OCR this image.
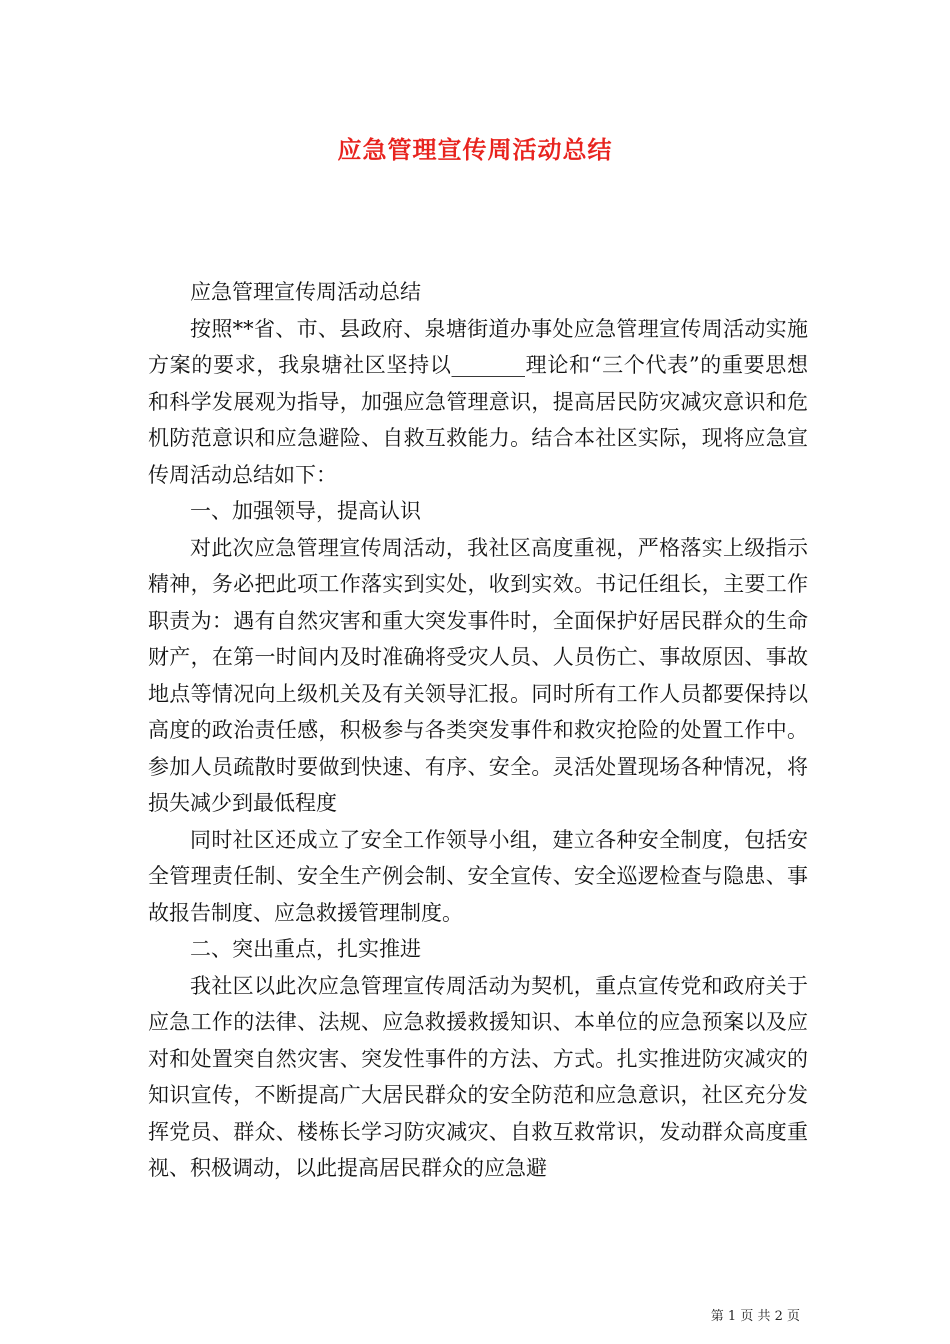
应急管理宣传周活动总结

应急管理宣传周活动总结

按照**省、市、县政府、泉塘街道办事处应急管理宣传周活动实施方案的要求，我泉塘社区坚持以_______理论和“三个代表”的重要思想和科学发展观为指导，加强应急管理意识，提高居民防灾减灾意识和危机防范意识和应急避险、自救互救能力。结合本社区实际，现将应急宣传周活动总结如下：

一、加强领导，提高认识

对此次应急管理宣传周活动，我社区高度重视，严格落实上级指示精神，务必把此项工作落实到实处，收到实效。书记任组长，主要工作职责为：遇有自然灾害和重大突发事件时，全面保护好居民群众的生命财产，在第一时间内及时准确将受灾人员、人员伤亡、事故原因、事故地点等情况向上级机关及有关领导汇报。同时所有工作人员都要保持以高度的政治责任感，积极参与各类突发事件和救灾抢险的处置工作中。参加人员疏散时要做到快速、有序、安全。灵活处置现场各种情况，将损失减少到最低程度

同时社区还成立了安全工作领导小组，建立各种安全制度，包括安全管理责任制、安全生产例会制、安全宣传、安全巡逻检查与隐患、事故报告制度、应急救援管理制度。

二、突出重点，扎实推进

我社区以此次应急管理宣传周活动为契机，重点宣传党和政府关于应急工作的法律、法规、应急救援救援知识、本单位的应急预案以及应对和处置突自然灾害、突发性事件的方法、方式。扎实推进防灾减灾的知识宣传，不断提高广大居民群众的安全防范和应急意识，社区充分发挥党员、群众、楼栋长学习防灾减灾、自救互救常识，发动群众高度重视、积极调动，以此提高居民群众的应急避

第 1 页 共 2 页
